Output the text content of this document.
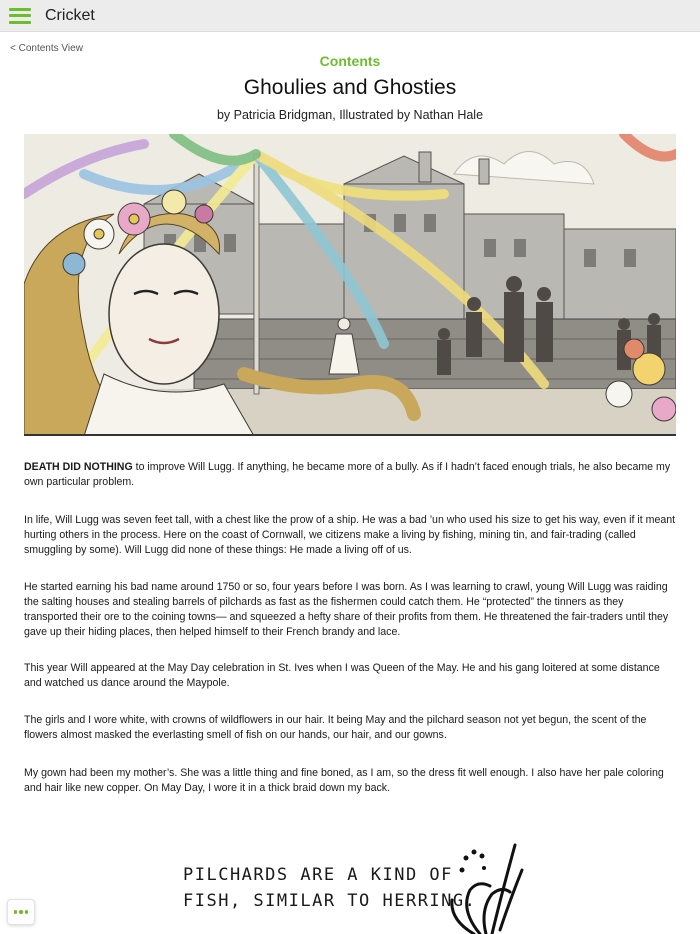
Cricket
< Contents View
Contents
Ghoulies and Ghosties
by Patricia Bridgman, Illustrated by Nathan Hale

DEATH DID NOTHING to improve Will Lugg. If anything, he became more of a bully. As if I hadn’t faced enough trials, he also became my own particular problem.

In life, Will Lugg was seven feet tall, with a chest like the prow of a ship. He was a bad ’un who used his size to get his way, even if it meant hurting others in the process. Here on the coast of Cornwall, we citizens make a living by fishing, mining tin, and fair-trading (called smuggling by some). Will Lugg did none of these things: He made a living off of us.

He started earning his bad name around 1750 or so, four years before I was born. As I was learning to crawl, young Will Lugg was raiding the salting houses and stealing barrels of pilchards as fast as the fishermen could catch them. He “protected” the tinners as they transported their ore to the coining towns— and squeezed a hefty share of their profits from them. He threatened the fair-traders until they gave up their hiding places, then helped himself to their French brandy and lace.

This year Will appeared at the May Day celebration in St. Ives when I was Queen of the May. He and his gang loitered at some distance and watched us dance around the Maypole.

The girls and I wore white, with crowns of wildflowers in our hair. It being May and the pilchard season not yet begun, the scent of the flowers almost masked the everlasting smell of fish on our hands, our hair, and our gowns.

My gown had been my mother’s. She was a little thing and fine boned, as I am, so the dress fit well enough. I also have her pale coloring and hair like new copper. On May Day, I wore it in a thick braid down my back.

PILCHARDS ARE A KIND OF
FISH, SIMILAR TO HERRING.
